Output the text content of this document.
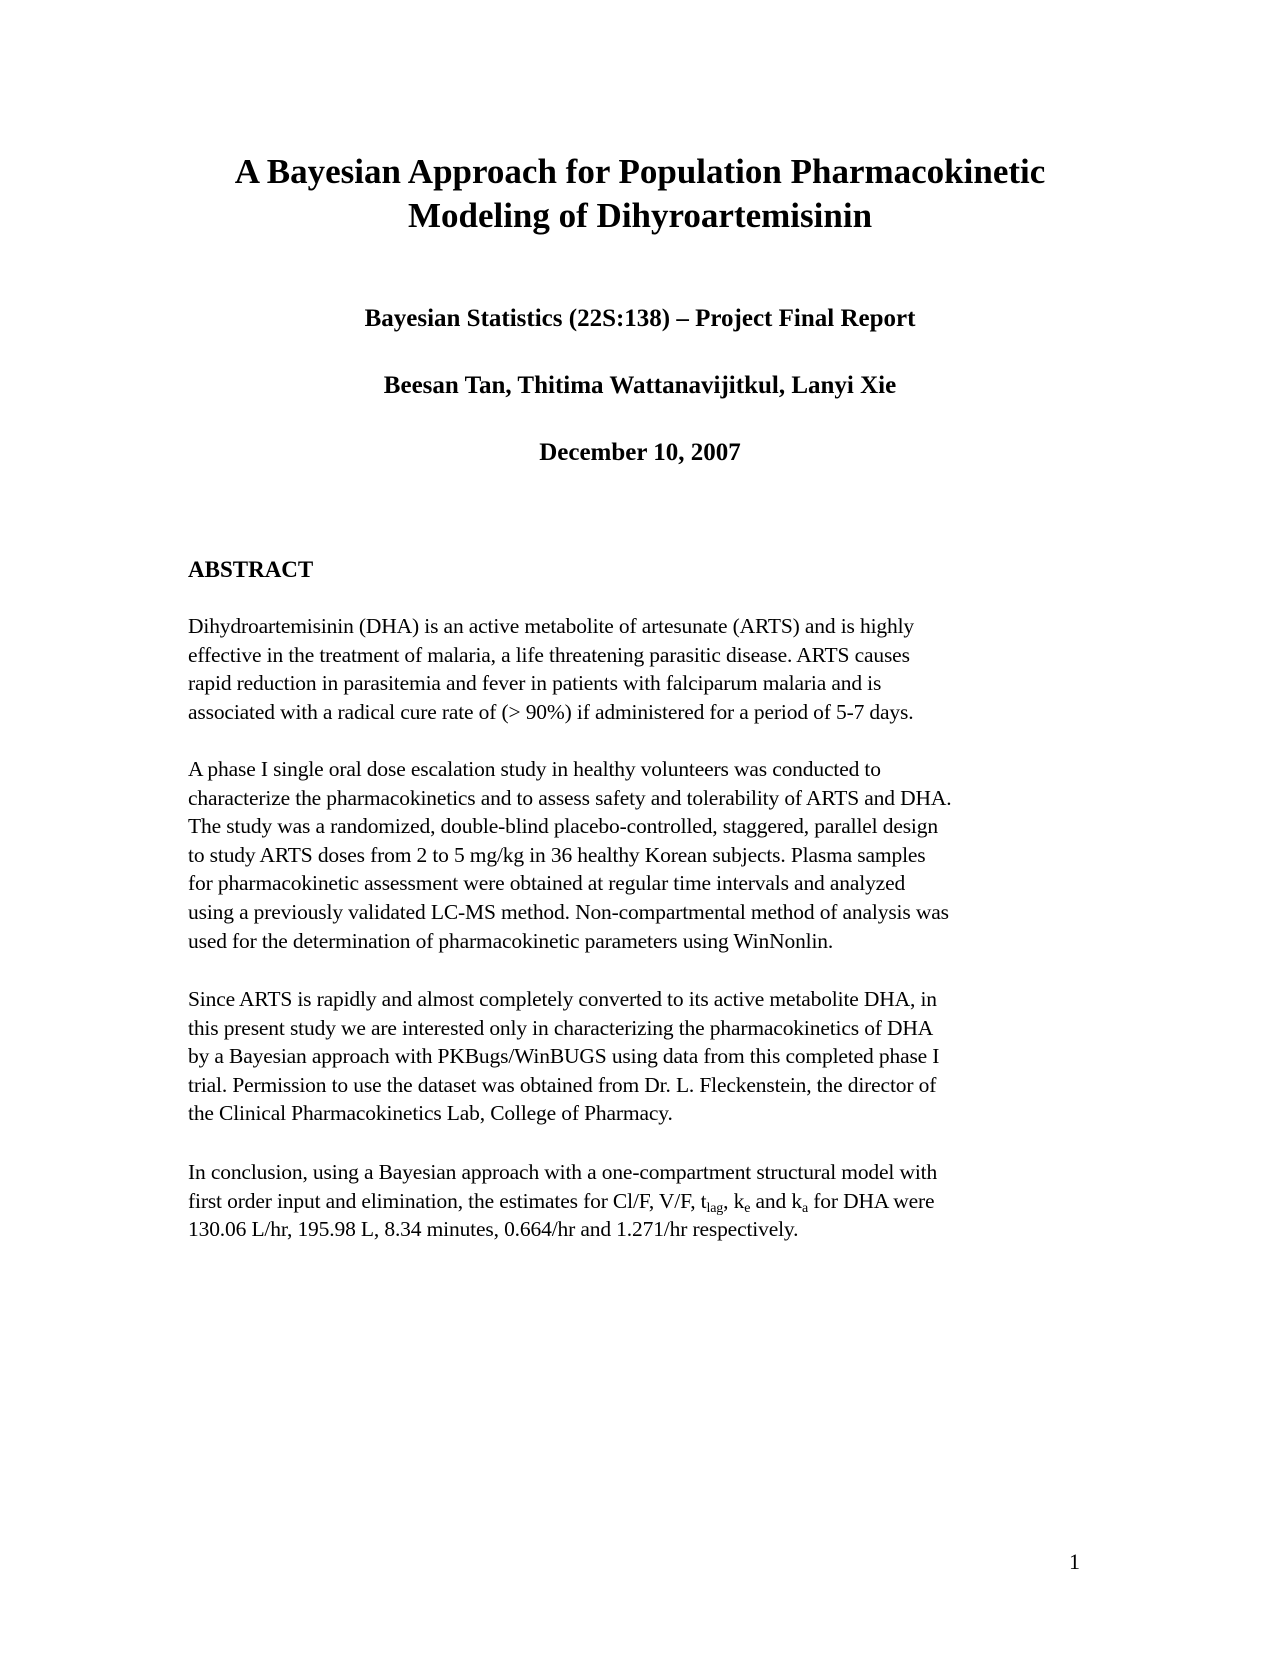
A Bayesian Approach for Population Pharmacokinetic
Modeling of Dihyroartemisinin
Bayesian Statistics (22S:138) – Project Final Report
Beesan Tan, Thitima Wattanavijitkul, Lanyi Xie
December 10, 2007
ABSTRACT
Dihydroartemisinin (DHA) is an active metabolite of artesunate (ARTS) and is highly
effective in the treatment of malaria, a life threatening parasitic disease. ARTS causes
rapid reduction in parasitemia and fever in patients with falciparum malaria and is
associated with a radical cure rate of (> 90%) if administered for a period of 5-7 days.
A phase I single oral dose escalation study in healthy volunteers was conducted to
characterize the pharmacokinetics and to assess safety and tolerability of ARTS and DHA.
The study was a randomized, double-blind placebo-controlled, staggered, parallel design
to study ARTS doses from 2 to 5 mg/kg in 36 healthy Korean subjects. Plasma samples
for pharmacokinetic assessment were obtained at regular time intervals and analyzed
using a previously validated LC-MS method. Non-compartmental method of analysis was
used for the determination of pharmacokinetic parameters using WinNonlin.
Since ARTS is rapidly and almost completely converted to its active metabolite DHA, in
this present study we are interested only in characterizing the pharmacokinetics of DHA
by a Bayesian approach with PKBugs/WinBUGS using data from this completed phase I
trial. Permission to use the dataset was obtained from Dr. L. Fleckenstein, the director of
the Clinical Pharmacokinetics Lab, College of Pharmacy.
In conclusion, using a Bayesian approach with a one-compartment structural model with
first order input and elimination, the estimates for Cl/F, V/F, $t_{lag}$, $k_e$ and $k_a$ for DHA were
130.06 L/hr, 195.98 L, 8.34 minutes, 0.664/hr and 1.271/hr respectively.
1
